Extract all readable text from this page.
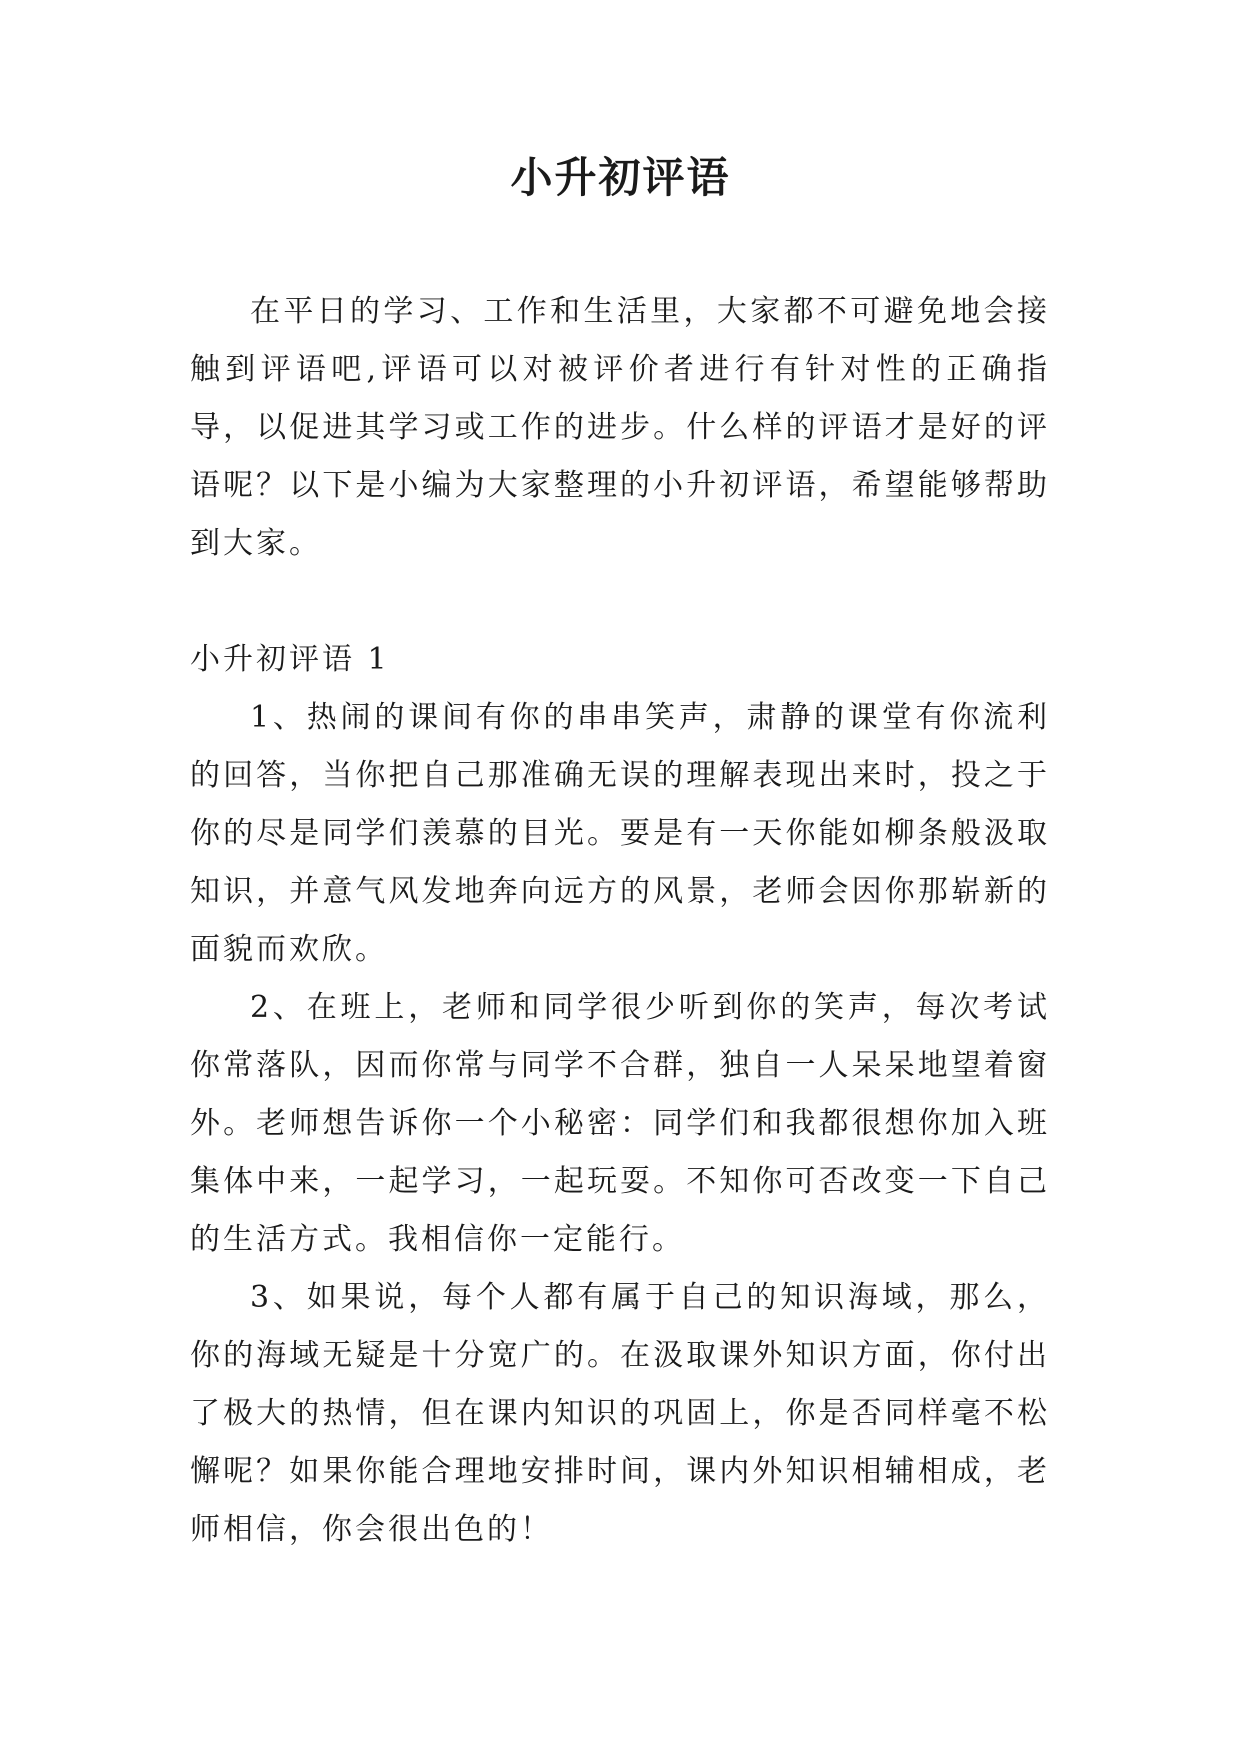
小升初评语

在平日的学习、工作和生活里，大家都不可避免地会接触到评语吧,评语可以对被评价者进行有针对性的正确指导，以促进其学习或工作的进步。什么样的评语才是好的评语呢？以下是小编为大家整理的小升初评语，希望能够帮助到大家。

小升初评语 1

1、热闹的课间有你的串串笑声，肃静的课堂有你流利的回答，当你把自己那准确无误的理解表现出来时，投之于你的尽是同学们羡慕的目光。要是有一天你能如柳条般汲取知识，并意气风发地奔向远方的风景，老师会因你那崭新的面貌而欢欣。

2、在班上，老师和同学很少听到你的笑声，每次考试你常落队，因而你常与同学不合群，独自一人呆呆地望着窗外。老师想告诉你一个小秘密：同学们和我都很想你加入班集体中来，一起学习，一起玩耍。不知你可否改变一下自己的生活方式。我相信你一定能行。

3、如果说，每个人都有属于自己的知识海域，那么，你的海域无疑是十分宽广的。在汲取课外知识方面，你付出了极大的热情，但在课内知识的巩固上，你是否同样毫不松懈呢？如果你能合理地安排时间，课内外知识相辅相成，老师相信，你会很出色的！
